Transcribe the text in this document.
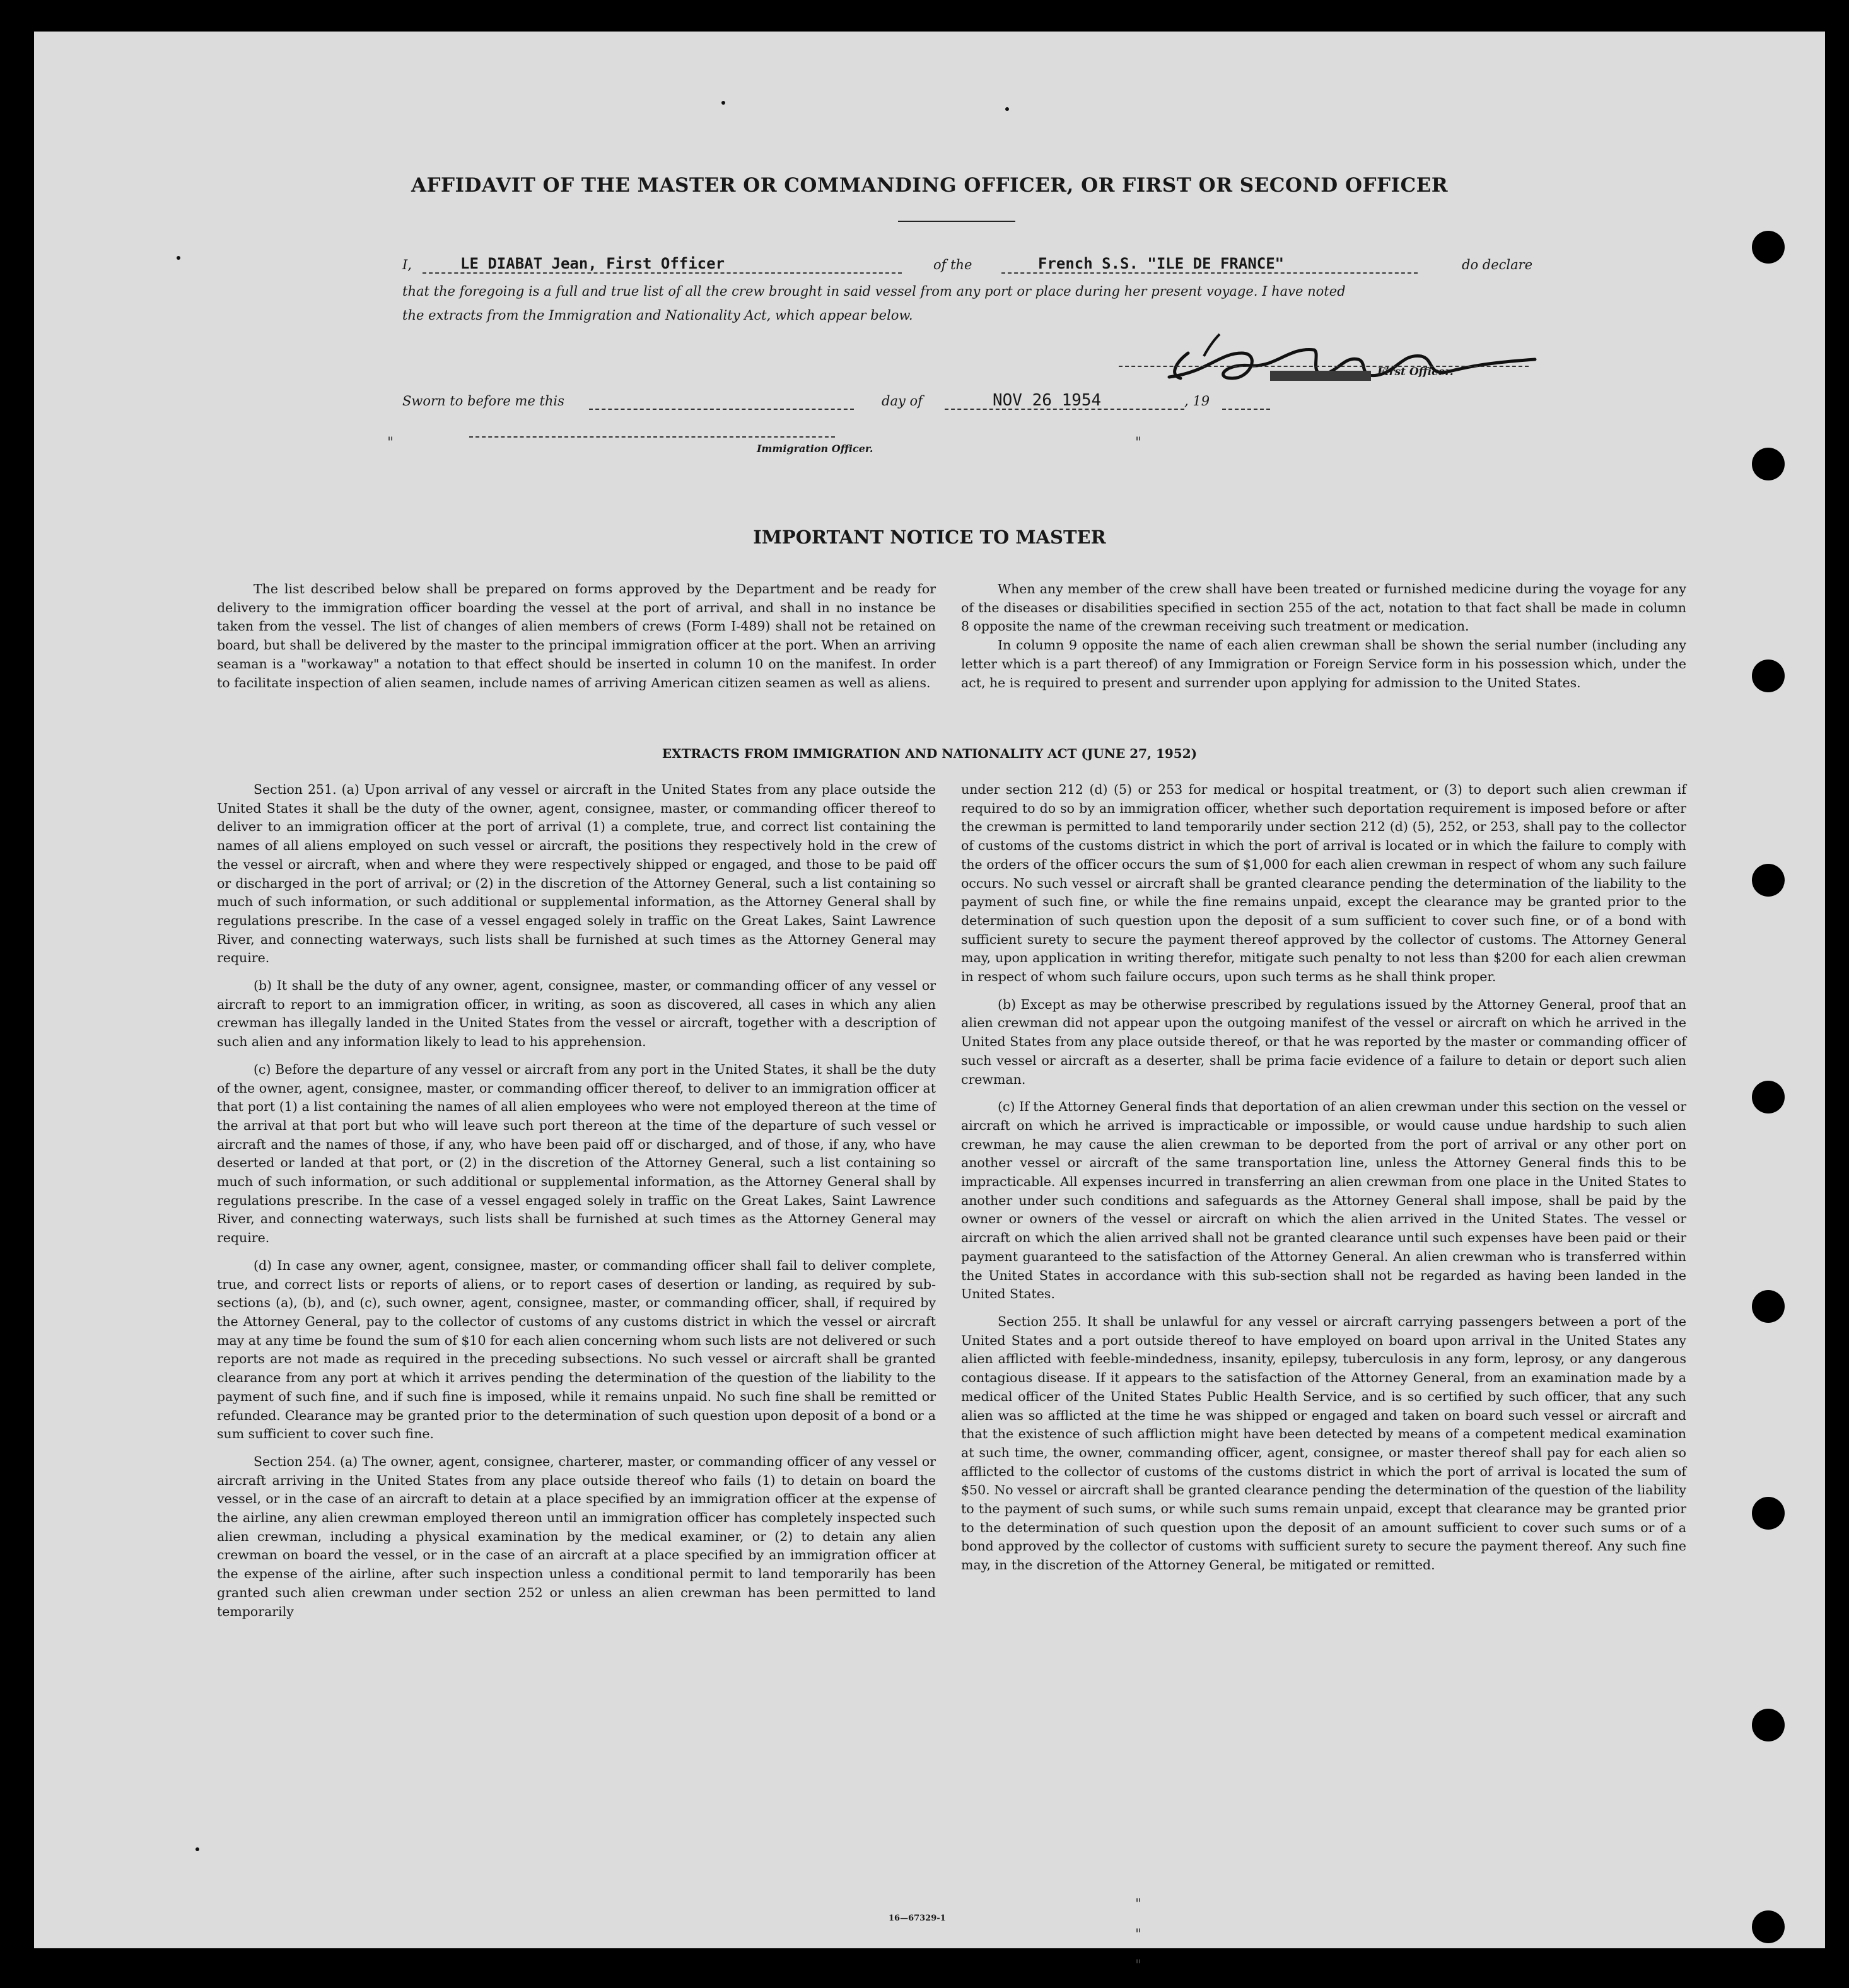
AFFIDAVIT OF THE MASTER OR COMMANDING OFFICER, OR FIRST OR SECOND OFFICER
I,	LE DIABAT Jean, First Officer	of the	French S.S. "ILE DE FRANCE"	do declare
that the foregoing is a full and true list of all the crew brought in said vessel from any port or place during her present voyage. I have noted
the extracts from the Immigration and Nationality Act, which appear below.
First Officer.
Sworn to before me this	day of	NOV 26 1954	, 19
Immigration Officer.
IMPORTANT NOTICE TO MASTER

The list described below shall be prepared on forms approved by the Department and be ready for delivery to the immigration officer boarding the vessel at the port of arrival, and shall in no instance be taken from the vessel. The list of changes of alien members of crews (Form I-489) shall not be retained on board, but shall be delivered by the master to the principal immigration officer at the port. When an arriving seaman is a "workaway" a notation to that effect should be inserted in column 10 on the manifest. In order to facilitate inspection of alien seamen, include names of arriving American citizen seamen as well as aliens.

When any member of the crew shall have been treated or furnished medicine during the voyage for any of the diseases or disabilities specified in section 255 of the act, notation to that fact shall be made in column 8 opposite the name of the crewman receiving such treatment or medication.

In column 9 opposite the name of each alien crewman shall be shown the serial number (including any letter which is a part thereof) of any Immigration or Foreign Service form in his possession which, under the act, he is required to present and surrender upon applying for admission to the United States.

EXTRACTS FROM IMMIGRATION AND NATIONALITY ACT (JUNE 27, 1952)

Section 251. (a) Upon arrival of any vessel or aircraft in the United States from any place outside the United States it shall be the duty of the owner, agent, consignee, master, or commanding officer thereof to deliver to an immigration officer at the port of arrival (1) a complete, true, and correct list containing the names of all aliens employed on such vessel or aircraft, the positions they respectively hold in the crew of the vessel or aircraft, when and where they were respectively shipped or engaged, and those to be paid off or discharged in the port of arrival; or (2) in the discretion of the Attorney General, such a list containing so much of such information, or such additional or supplemental information, as the Attorney General shall by regulations prescribe. In the case of a vessel engaged solely in traffic on the Great Lakes, Saint Lawrence River, and connecting waterways, such lists shall be furnished at such times as the Attorney General may require.

(b) It shall be the duty of any owner, agent, consignee, master, or commanding officer of any vessel or aircraft to report to an immigration officer, in writing, as soon as discovered, all cases in which any alien crewman has illegally landed in the United States from the vessel or aircraft, together with a description of such alien and any information likely to lead to his apprehension.

(c) Before the departure of any vessel or aircraft from any port in the United States, it shall be the duty of the owner, agent, consignee, master, or commanding officer thereof, to deliver to an immigration officer at that port (1) a list containing the names of all alien employees who were not employed thereon at the time of the arrival at that port but who will leave such port thereon at the time of the departure of such vessel or aircraft and the names of those, if any, who have been paid off or discharged, and of those, if any, who have deserted or landed at that port, or (2) in the discretion of the Attorney General, such a list containing so much of such information, or such additional or supplemental information, as the Attorney General shall by regulations prescribe. In the case of a vessel engaged solely in traffic on the Great Lakes, Saint Lawrence River, and connecting waterways, such lists shall be furnished at such times as the Attorney General may require.

(d) In case any owner, agent, consignee, master, or commanding officer shall fail to deliver complete, true, and correct lists or reports of aliens, or to report cases of desertion or landing, as required by sub-sections (a), (b), and (c), such owner, agent, consignee, master, or commanding officer, shall, if required by the Attorney General, pay to the collector of customs of any customs district in which the vessel or aircraft may at any time be found the sum of $10 for each alien concerning whom such lists are not delivered or such reports are not made as required in the preceding subsections. No such vessel or aircraft shall be granted clearance from any port at which it arrives pending the determination of the question of the liability to the payment of such fine, and if such fine is imposed, while it remains unpaid. No such fine shall be remitted or refunded. Clearance may be granted prior to the determination of such question upon deposit of a bond or a sum sufficient to cover such fine.

Section 254. (a) The owner, agent, consignee, charterer, master, or commanding officer of any vessel or aircraft arriving in the United States from any place outside thereof who fails (1) to detain on board the vessel, or in the case of an aircraft to detain at a place specified by an immigration officer at the expense of the airline, any alien crewman employed thereon until an immigration officer has completely inspected such alien crewman, including a physical examination by the medical examiner, or (2) to detain any alien crewman on board the vessel, or in the case of an aircraft at a place specified by an immigration officer at the expense of the airline, after such inspection unless a conditional permit to land temporarily has been granted such alien crewman under section 252 or unless an alien crewman has been permitted to land temporarily

under section 212 (d) (5) or 253 for medical or hospital treatment, or (3) to deport such alien crewman if required to do so by an immigration officer, whether such deportation requirement is imposed before or after the crewman is permitted to land temporarily under section 212 (d) (5), 252, or 253, shall pay to the collector of customs of the customs district in which the port of arrival is located or in which the failure to comply with the orders of the officer occurs the sum of $1,000 for each alien crewman in respect of whom any such failure occurs. No such vessel or aircraft shall be granted clearance pending the determination of the liability to the payment of such fine, or while the fine remains unpaid, except the clearance may be granted prior to the determination of such question upon the deposit of a sum sufficient to cover such fine, or of a bond with sufficient surety to secure the payment thereof approved by the collector of customs. The Attorney General may, upon application in writing therefor, mitigate such penalty to not less than $200 for each alien crewman in respect of whom such failure occurs, upon such terms as he shall think proper.

(b) Except as may be otherwise prescribed by regulations issued by the Attorney General, proof that an alien crewman did not appear upon the outgoing manifest of the vessel or aircraft on which he arrived in the United States from any place outside thereof, or that he was reported by the master or commanding officer of such vessel or aircraft as a deserter, shall be prima facie evidence of a failure to detain or deport such alien crewman.

(c) If the Attorney General finds that deportation of an alien crewman under this section on the vessel or aircraft on which he arrived is impracticable or impossible, or would cause undue hardship to such alien crewman, he may cause the alien crewman to be deported from the port of arrival or any other port on another vessel or aircraft of the same transportation line, unless the Attorney General finds this to be impracticable. All expenses incurred in transferring an alien crewman from one place in the United States to another under such conditions and safeguards as the Attorney General shall impose, shall be paid by the owner or owners of the vessel or aircraft on which the alien arrived in the United States. The vessel or aircraft on which the alien arrived shall not be granted clearance until such expenses have been paid or their payment guaranteed to the satisfaction of the Attorney General. An alien crewman who is transferred within the United States in accordance with this sub-section shall not be regarded as having been landed in the United States.

Section 255. It shall be unlawful for any vessel or aircraft carrying passengers between a port of the United States and a port outside thereof to have employed on board upon arrival in the United States any alien afflicted with feeble-mindedness, insanity, epilepsy, tuberculosis in any form, leprosy, or any dangerous contagious disease. If it appears to the satisfaction of the Attorney General, from an examination made by a medical officer of the United States Public Health Service, and is so certified by such officer, that any such alien was so afflicted at the time he was shipped or engaged and taken on board such vessel or aircraft and that the existence of such affliction might have been detected by means of a competent medical examination at such time, the owner, commanding officer, agent, consignee, or master thereof shall pay for each alien so afflicted to the collector of customs of the customs district in which the port of arrival is located the sum of $50. No vessel or aircraft shall be granted clearance pending the determination of the question of the liability to the payment of such sums, or while such sums remain unpaid, except that clearance may be granted prior to the determination of such question upon the deposit of an amount sufficient to cover such sums or of a bond approved by the collector of customs with sufficient surety to secure the payment thereof. Any such fine may, in the discretion of the Attorney General, be mitigated or remitted.

16—67329-1
"	"
"
"
"
